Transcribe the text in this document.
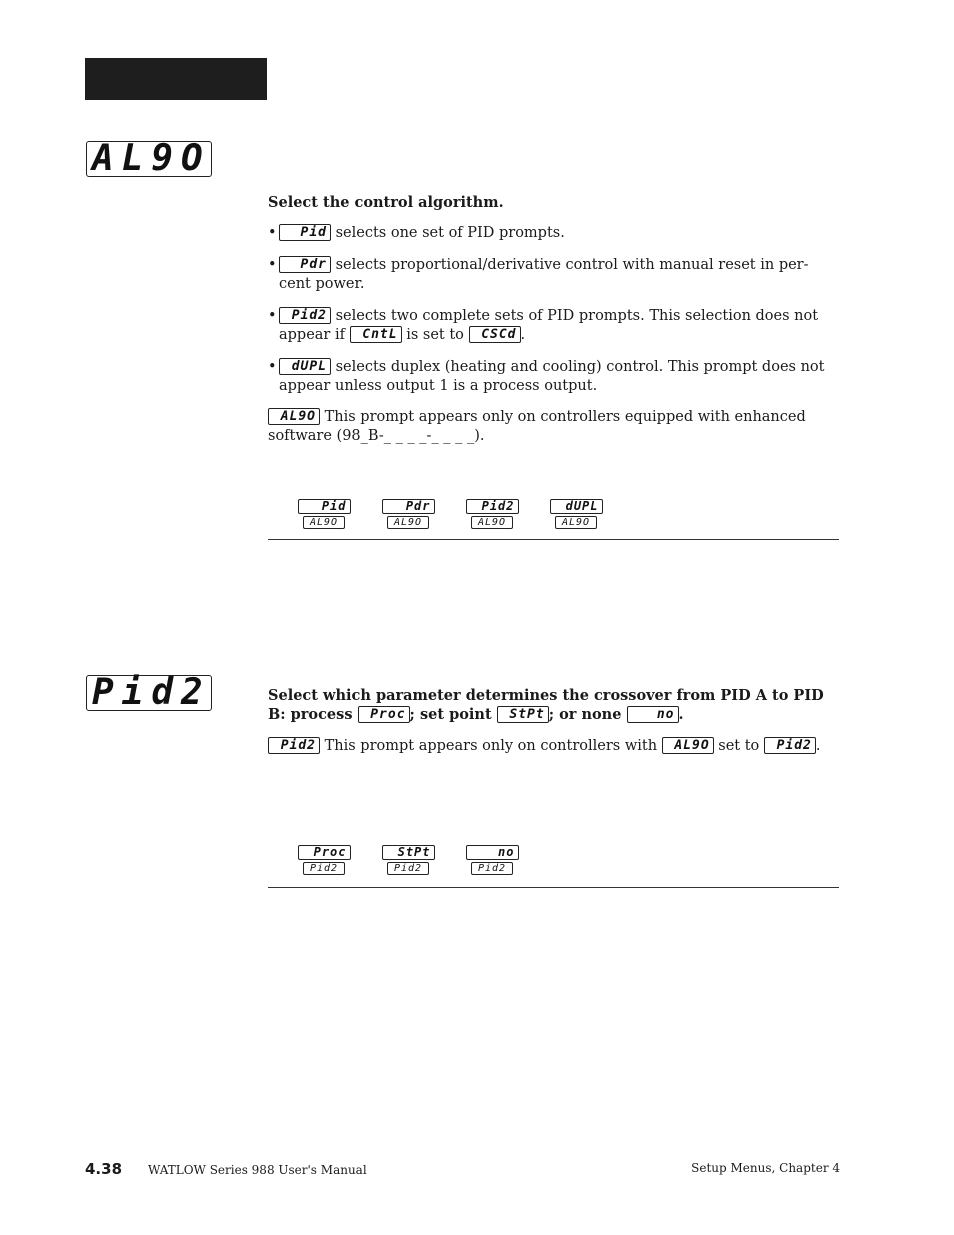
AL9O
Select the control algorithm.
• Pid selects one set of PID prompts.
• Pdr selects proportional/derivative control with manual reset in per-cent power.
• Pid2 selects two complete sets of PID prompts. This selection does not appear if CntL is set to CSCd .
• dUPL selects duplex (heating and cooling) control. This prompt does not appear unless output 1 is a process output.
AL9O This prompt appears only on controllers equipped with enhanced software (98_B-_ _ _ _-_ _ _ _).
Pid
AL9O
Pdr
AL9O
Pid2
AL9O
dUPL
AL9O
Pid2	Select which parameter determines the crossover from PID A to PID B: process Proc ; set point StPt ; or none no .
Pid2 This prompt appears only on controllers with AL9O set to Pid2 .
Proc
Pid2
StPt
Pid2
no
Pid2
4.38 WATLOW Series 988 User's Manual	Setup Menus, Chapter 4
